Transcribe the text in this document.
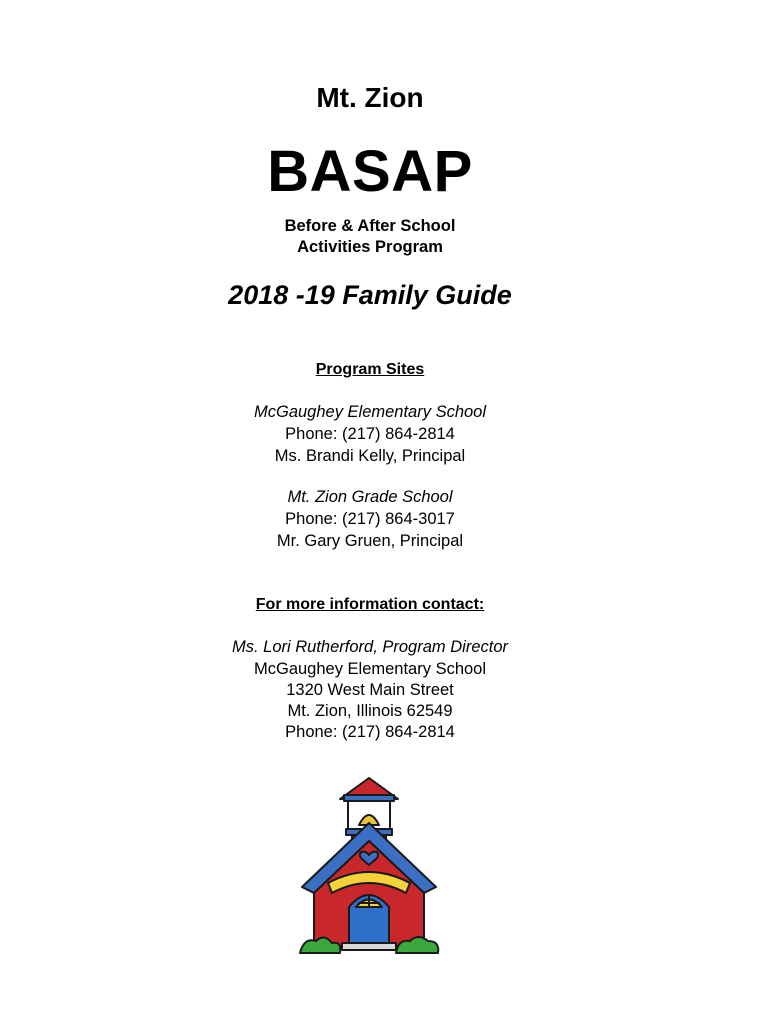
Mt. Zion
BASAP
Before & After School
Activities Program
2018 -19 Family Guide
Program Sites
McGaughey Elementary School
Phone: (217) 864-2814
Ms. Brandi Kelly, Principal
Mt. Zion Grade School
Phone: (217) 864-3017
Mr. Gary Gruen, Principal
For more information contact:
Ms. Lori Rutherford, Program Director
McGaughey Elementary School
1320 West Main Street
Mt. Zion, Illinois 62549
Phone: (217) 864-2814
